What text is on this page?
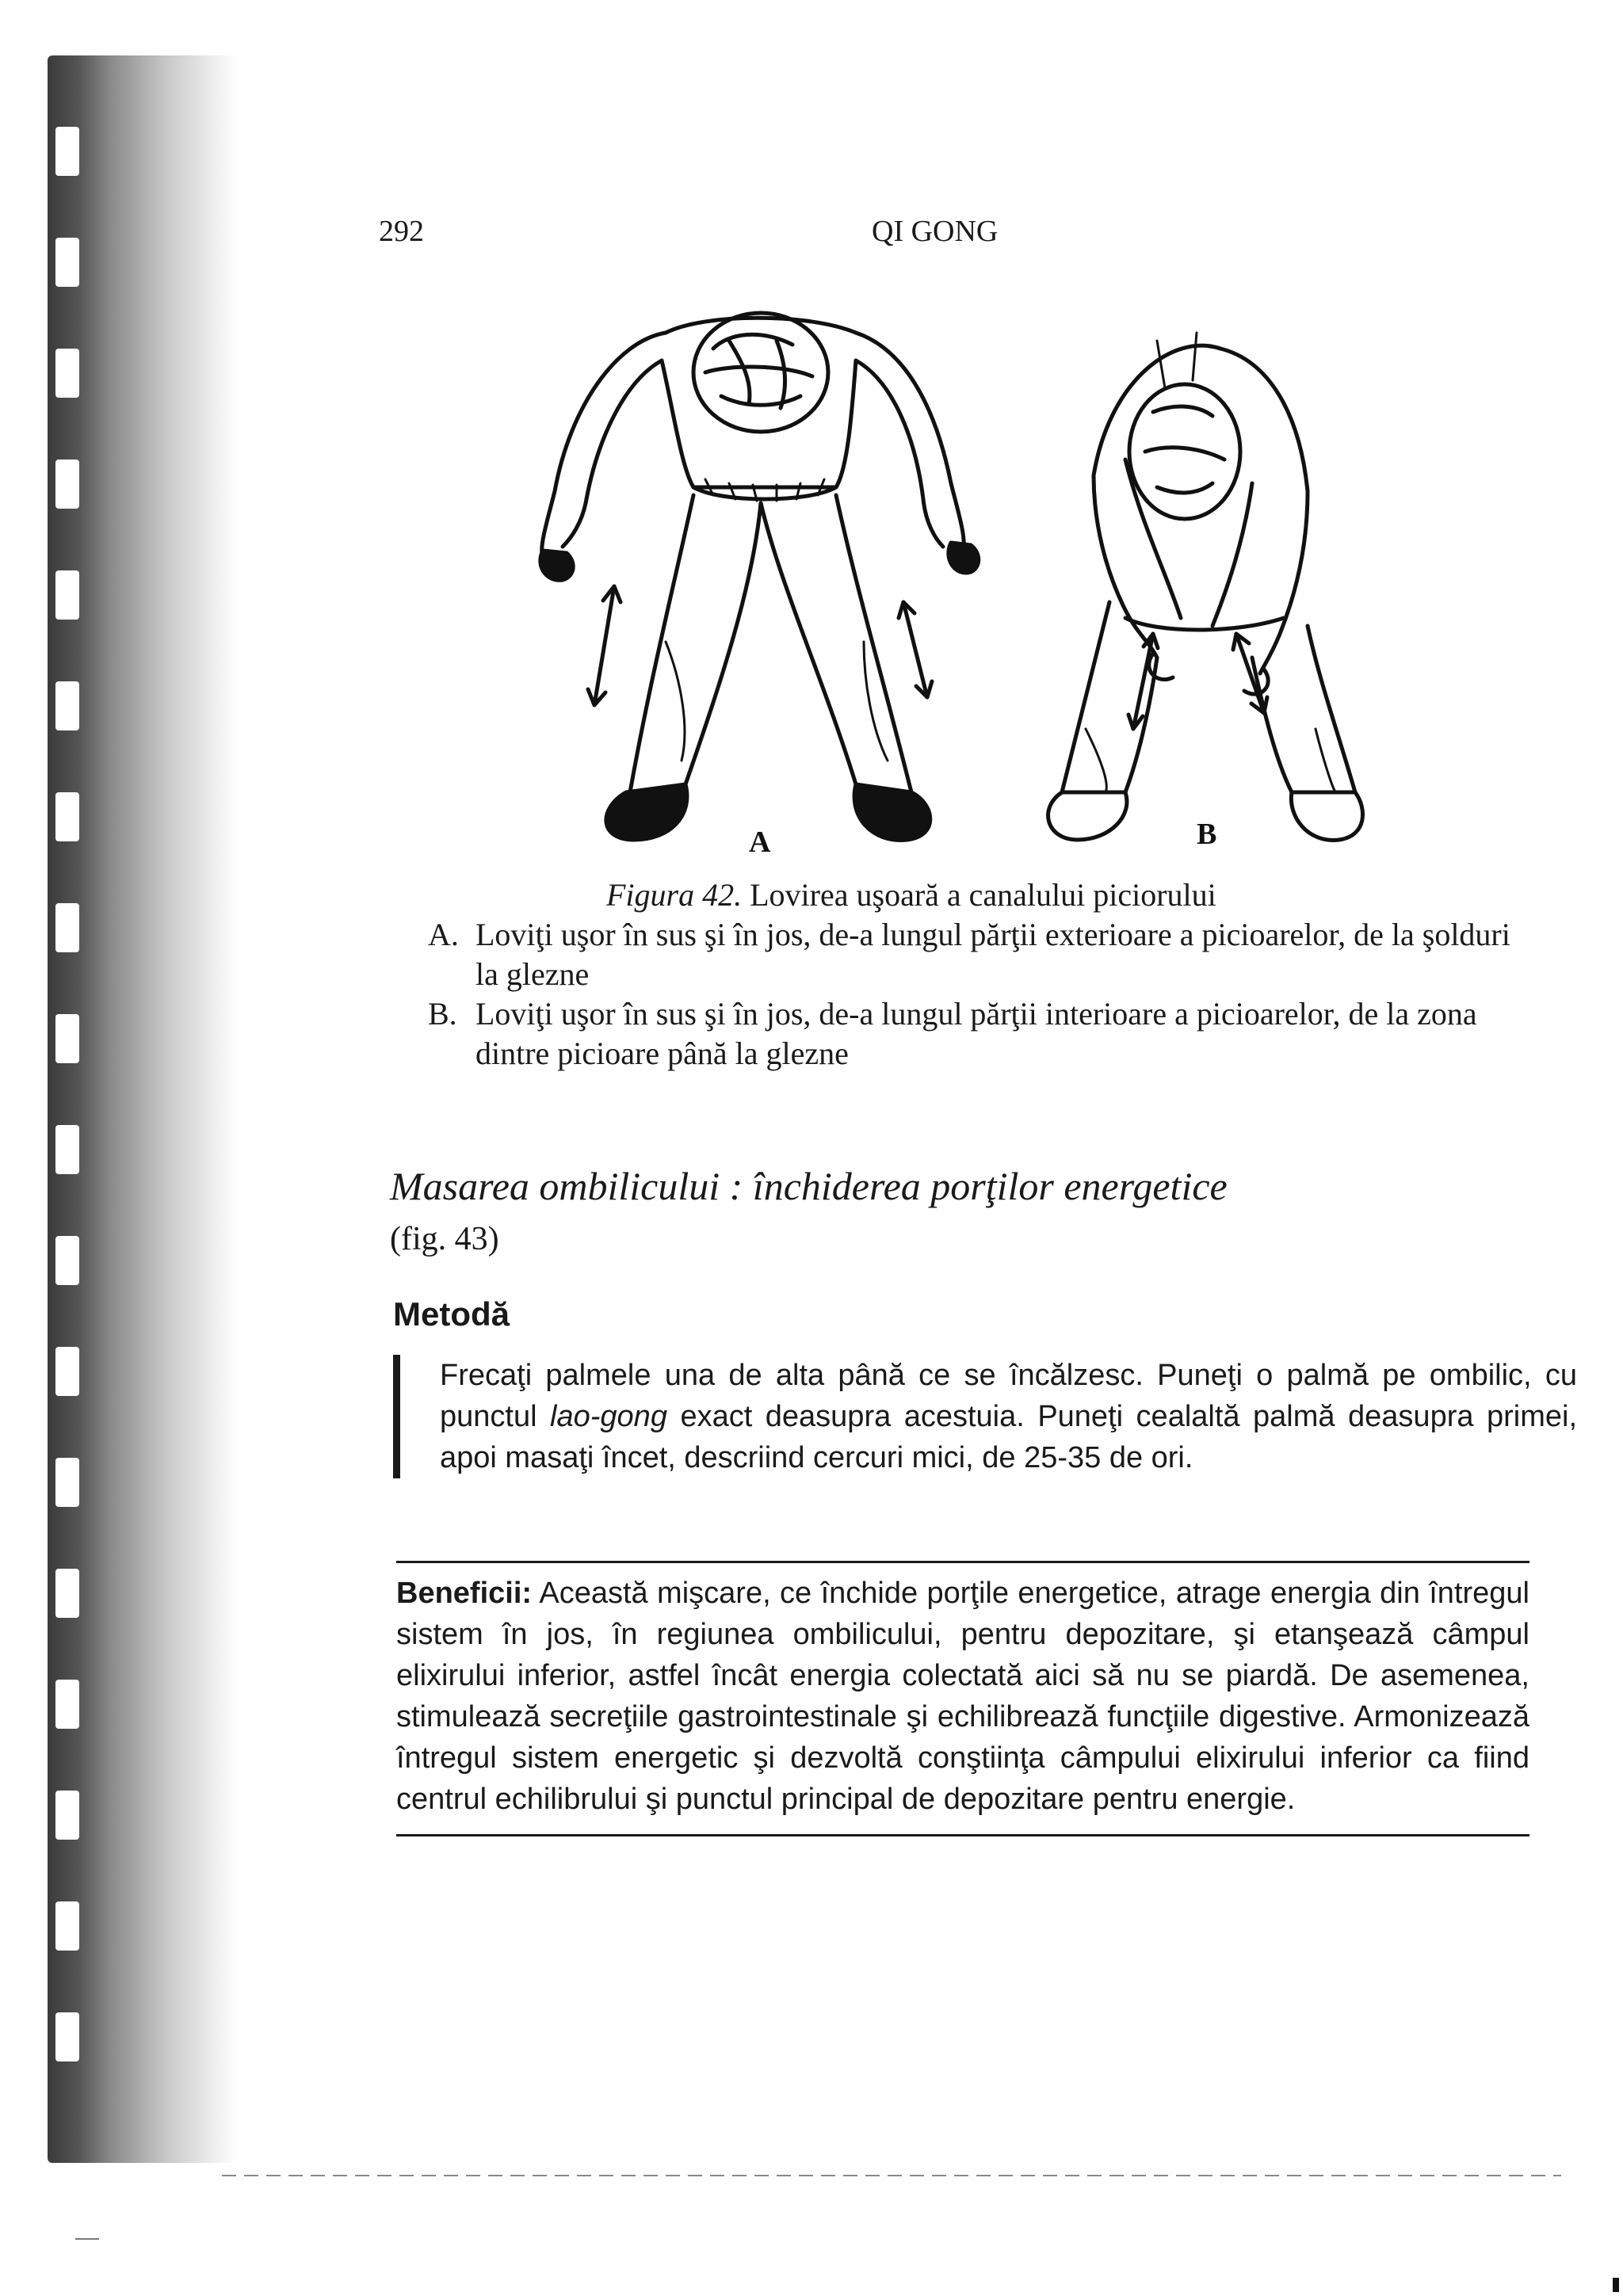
292	QI GONG
A	B
Figura 42. Lovirea uşoară a canalului piciorului
A. Loviţi uşor în sus şi în jos, de-a lungul părţii exterioare a picioarelor, de la şolduri la glezne
B. Loviţi uşor în sus şi în jos, de-a lungul părţii interioare a picioarelor, de la zona dintre picioare până la glezne
Masarea ombilicului : închiderea porţilor energetice
(fig. 43)
Metodă
Frecaţi palmele una de alta până ce se încălzesc. Puneţi o palmă pe ombilic, cu punctul lao-gong exact deasupra acestuia. Puneţi cealaltă palmă deasupra primei, apoi masaţi încet, descriind cercuri mici, de 25-35 de ori.
Beneficii: Această mişcare, ce închide porţile energetice, atrage energia din întregul sistem în jos, în regiunea ombilicului, pentru depozitare, şi etanşează câmpul elixirului inferior, astfel încât energia colectată aici să nu se piardă. De asemenea, stimulează secreţiile gastrointestinale şi echilibrează funcţiile digestive. Armonizează întregul sistem energetic şi dezvoltă conştiinţa câmpului elixirului inferior ca fiind centrul echilibrului şi punctul principal de depozitare pentru energie.
